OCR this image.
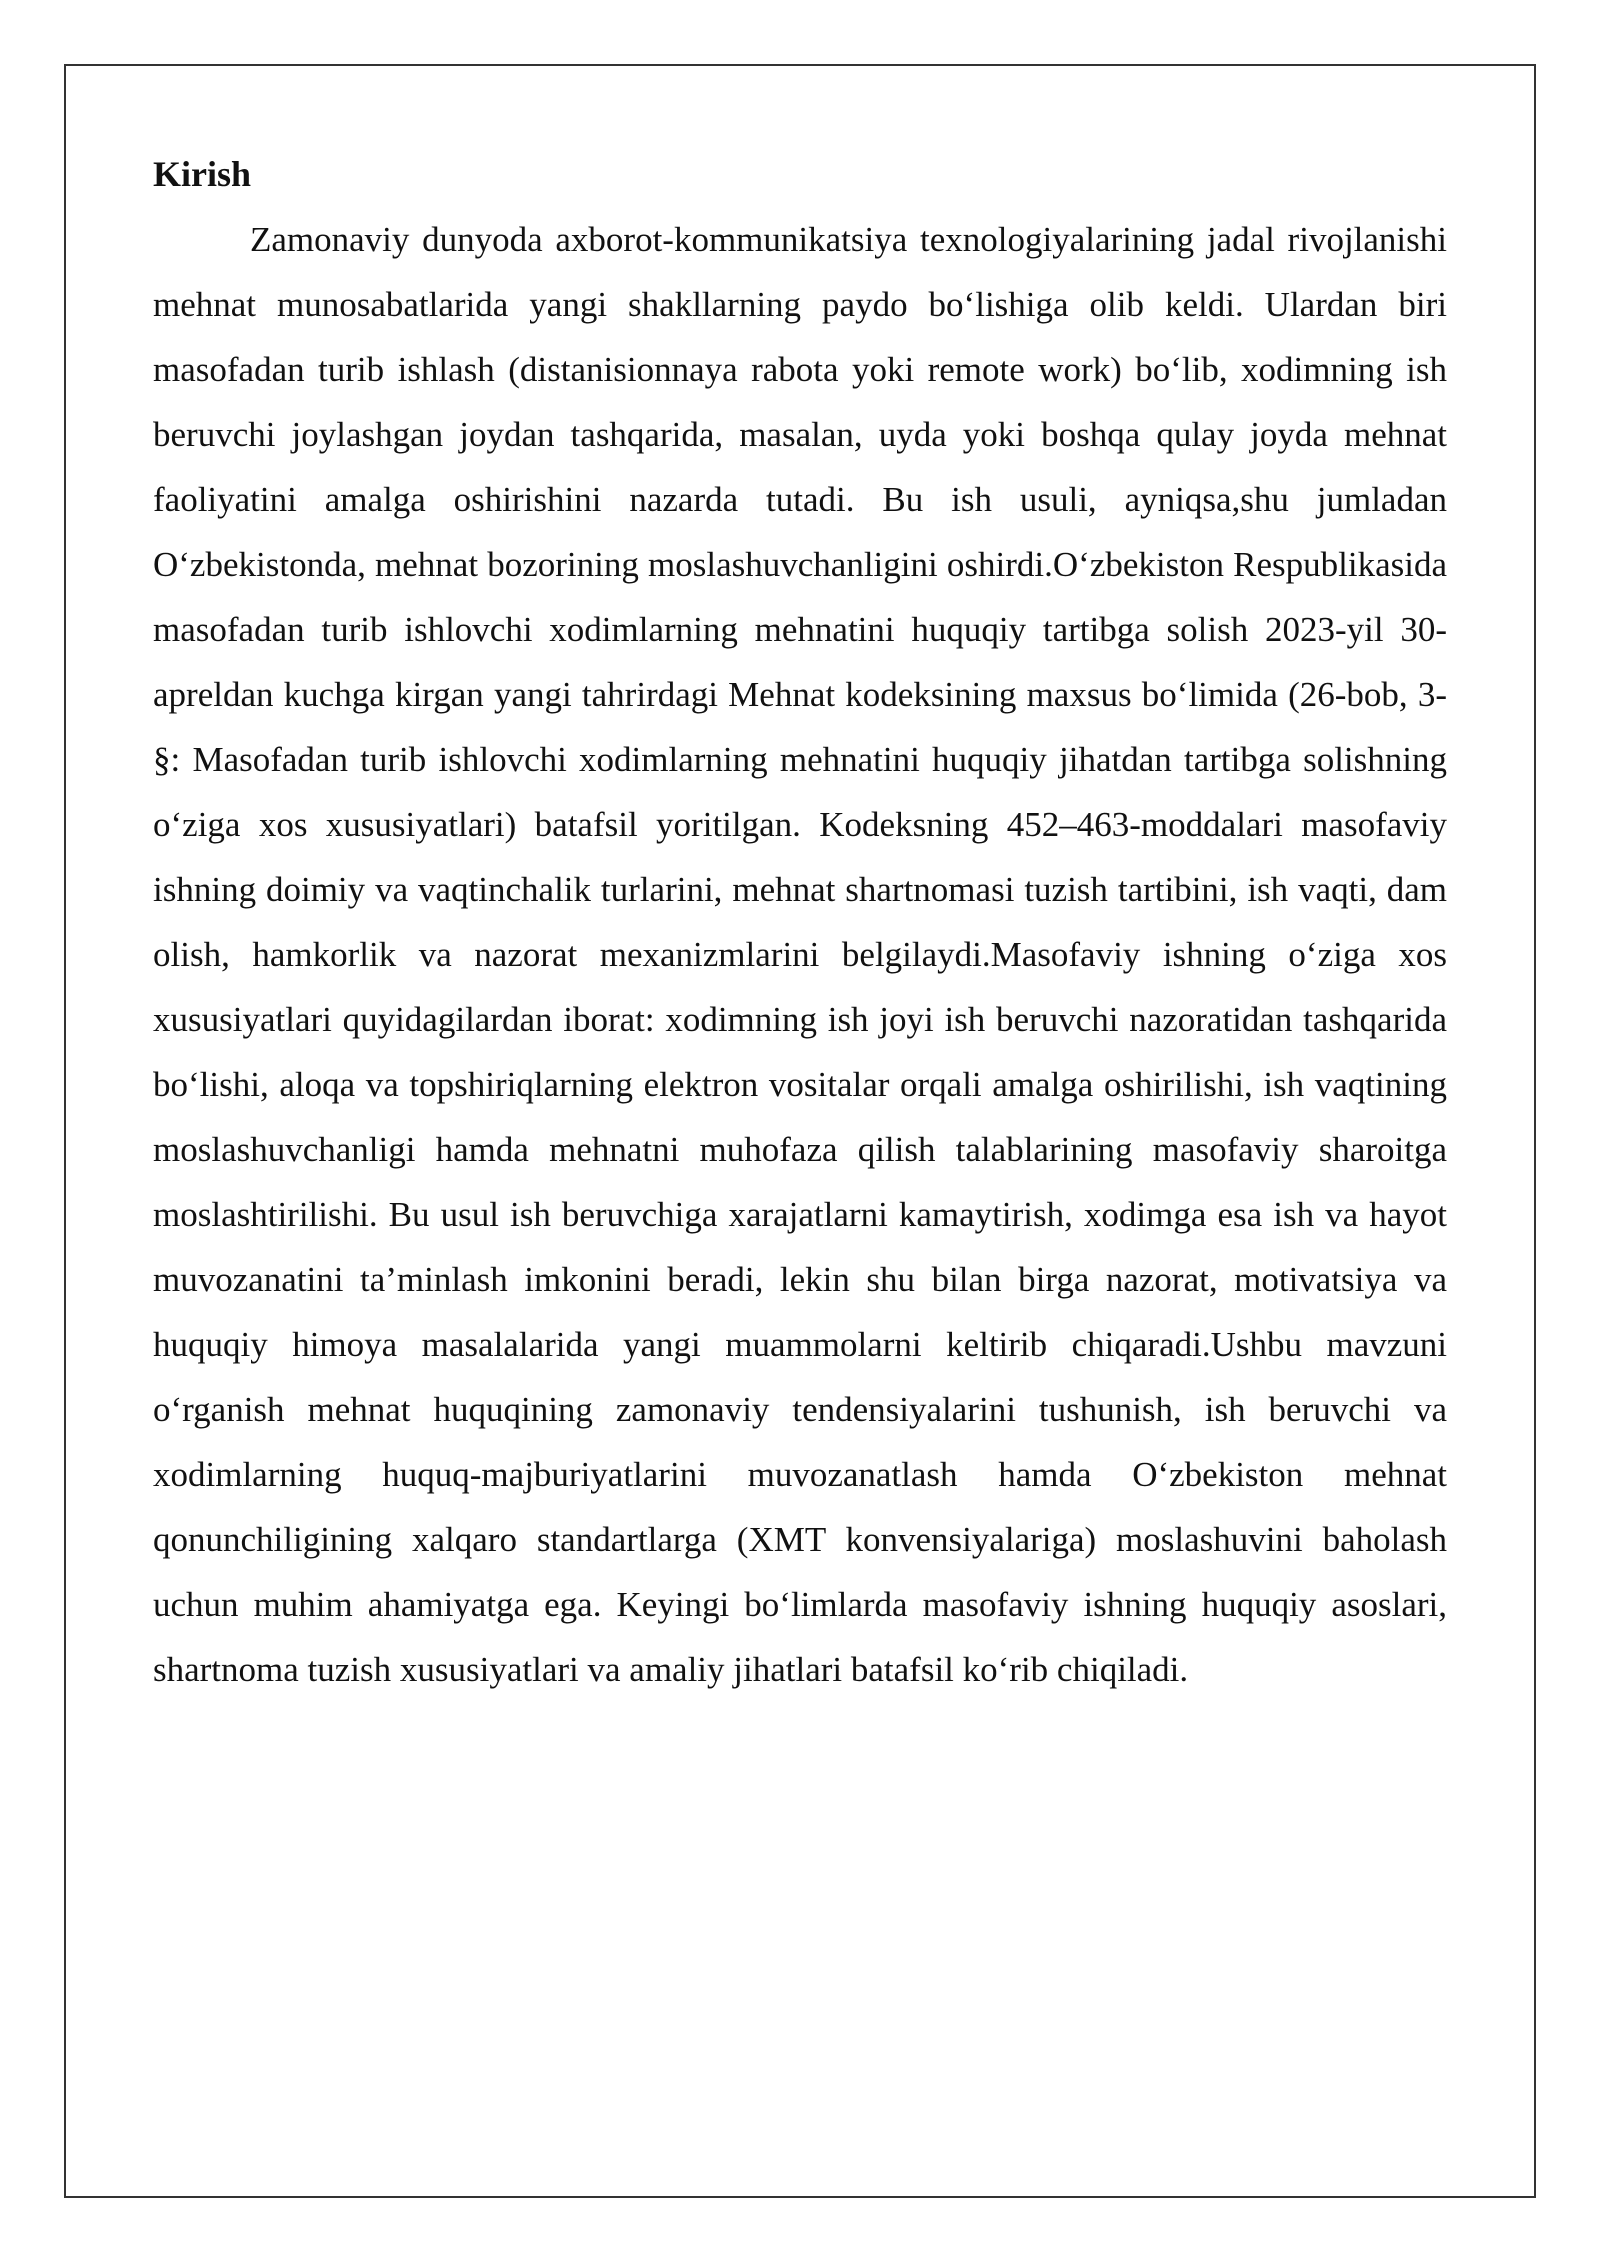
Kirish

Zamonaviy dunyoda axborot-kommunikatsiya texnologiyalarining jadal rivojlanishi mehnat munosabatlarida yangi shakllarning paydo bo‘lishiga olib keldi. Ulardan biri masofadan turib ishlash (distanisionnaya rabota yoki remote work) bo‘lib, xodimning ish beruvchi joylashgan joydan tashqarida, masalan, uyda yoki boshqa qulay joyda mehnat faoliyatini amalga oshirishini nazarda tutadi. Bu ish usuli, ayniqsa,shu jumladan O‘zbekistonda, mehnat bozorining moslashuvchanligini oshirdi.O‘zbekiston Respublikasida masofadan turib ishlovchi xodimlarning mehnatini huquqiy tartibga solish 2023-yil 30-apreldan kuchga kirgan yangi tahrirdagi Mehnat kodeksining maxsus bo‘limida (26-bob, 3-§: Masofadan turib ishlovchi xodimlarning mehnatini huquqiy jihatdan tartibga solishning o‘ziga xos xususiyatlari) batafsil yoritilgan. Kodeksning 452–463-moddalari masofaviy ishning doimiy va vaqtinchalik turlarini, mehnat shartnomasi tuzish tartibini, ish vaqti, dam olish, hamkorlik va nazorat mexanizmlarini belgilaydi.Masofaviy ishning o‘ziga xos xususiyatlari quyidagilardan iborat: xodimning ish joyi ish beruvchi nazoratidan tashqarida bo‘lishi, aloqa va topshiriqlarning elektron vositalar orqali amalga oshirilishi, ish vaqtining moslashuvchanligi hamda mehnatni muhofaza qilish talablarining masofaviy sharoitga moslashtirilishi. Bu usul ish beruvchiga xarajatlarni kamaytirish, xodimga esa ish va hayot muvozanatini ta’minlash imkonini beradi, lekin shu bilan birga nazorat, motivatsiya va huquqiy himoya masalalarida yangi muammolarni keltirib chiqaradi.Ushbu mavzuni o‘rganish mehnat huquqining zamonaviy tendensiyalarini tushunish, ish beruvchi va xodimlarning huquq-majburiyatlarini muvozanatlash hamda O‘zbekiston mehnat qonunchiligining xalqaro standartlarga (XMT konvensiyalariga) moslashuvini baholash uchun muhim ahamiyatga ega. Keyingi bo‘limlarda masofaviy ishning huquqiy asoslari, shartnoma tuzish xususiyatlari va amaliy jihatlari batafsil ko‘rib chiqiladi.
